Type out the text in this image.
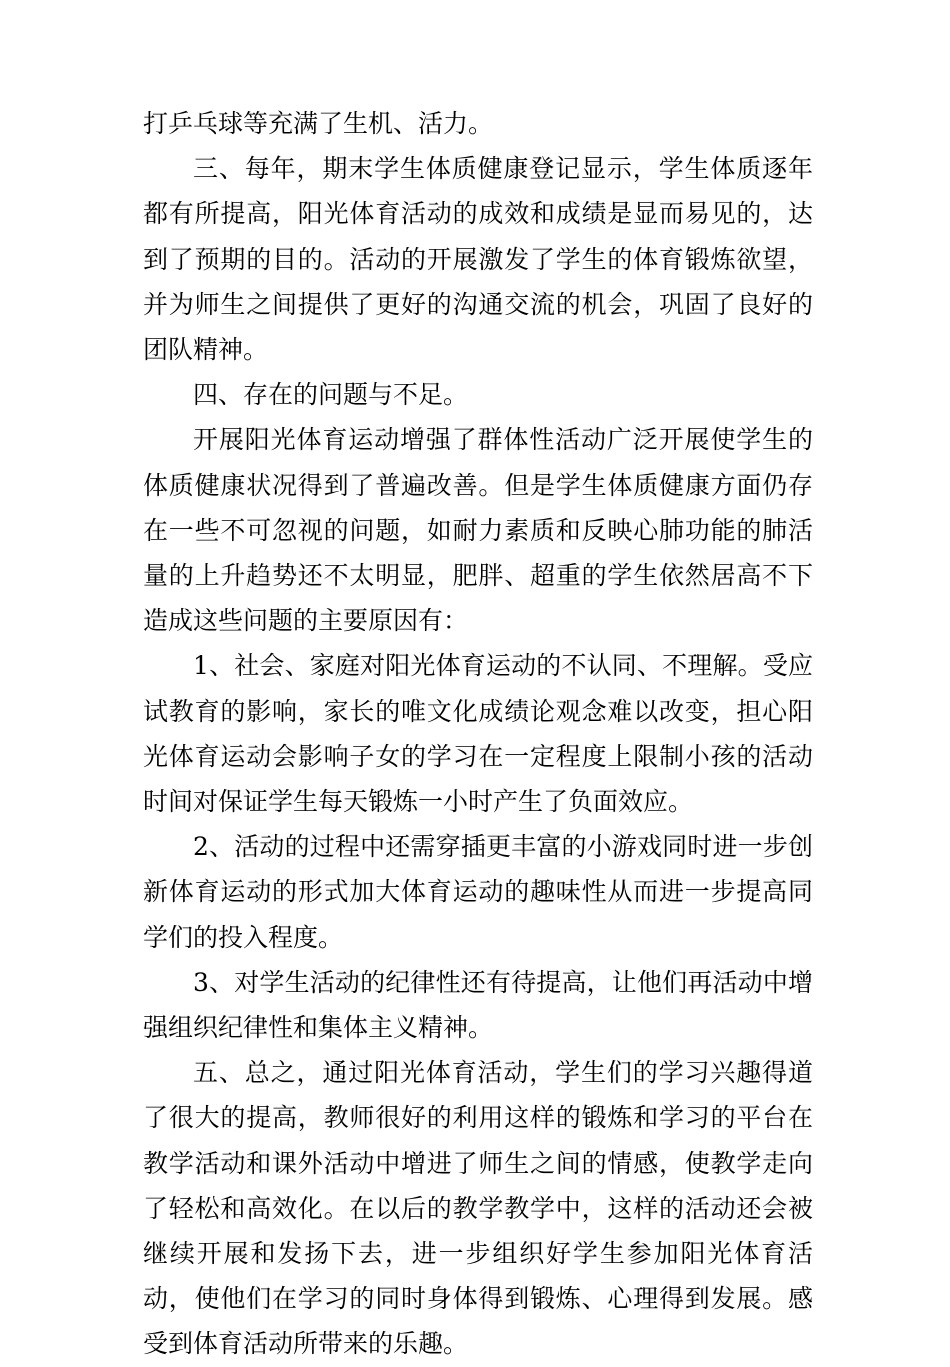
打乒乓球等充满了生机、活力。

三、每年，期末学生体质健康登记显示，学生体质逐年都有所提高，阳光体育活动的成效和成绩是显而易见的，达到了预期的目的。活动的开展激发了学生的体育锻炼欲望，并为师生之间提供了更好的沟通交流的机会，巩固了良好的团队精神。

四、存在的问题与不足。

开展阳光体育运动增强了群体性活动广泛开展使学生的体质健康状况得到了普遍改善。但是学生体质健康方面仍存在一些不可忽视的问题，如耐力素质和反映心肺功能的肺活量的上升趋势还不太明显，肥胖、超重的学生依然居高不下造成这些问题的主要原因有：

1、社会、家庭对阳光体育运动的不认同、不理解。受应试教育的影响，家长的唯文化成绩论观念难以改变，担心阳光体育运动会影响子女的学习在一定程度上限制小孩的活动时间对保证学生每天锻炼一小时产生了负面效应。

2、活动的过程中还需穿插更丰富的小游戏同时进一步创新体育运动的形式加大体育运动的趣味性从而进一步提高同学们的投入程度。

3、对学生活动的纪律性还有待提高，让他们再活动中增强组织纪律性和集体主义精神。

五、总之，通过阳光体育活动，学生们的学习兴趣得道了很大的提高，教师很好的利用这样的锻炼和学习的平台在教学活动和课外活动中增进了师生之间的情感，使教学走向了轻松和高效化。在以后的教学教学中，这样的活动还会被继续开展和发扬下去，进一步组织好学生参加阳光体育活动，使他们在学习的同时身体得到锻炼、心理得到发展。感受到体育活动所带来的乐趣。
